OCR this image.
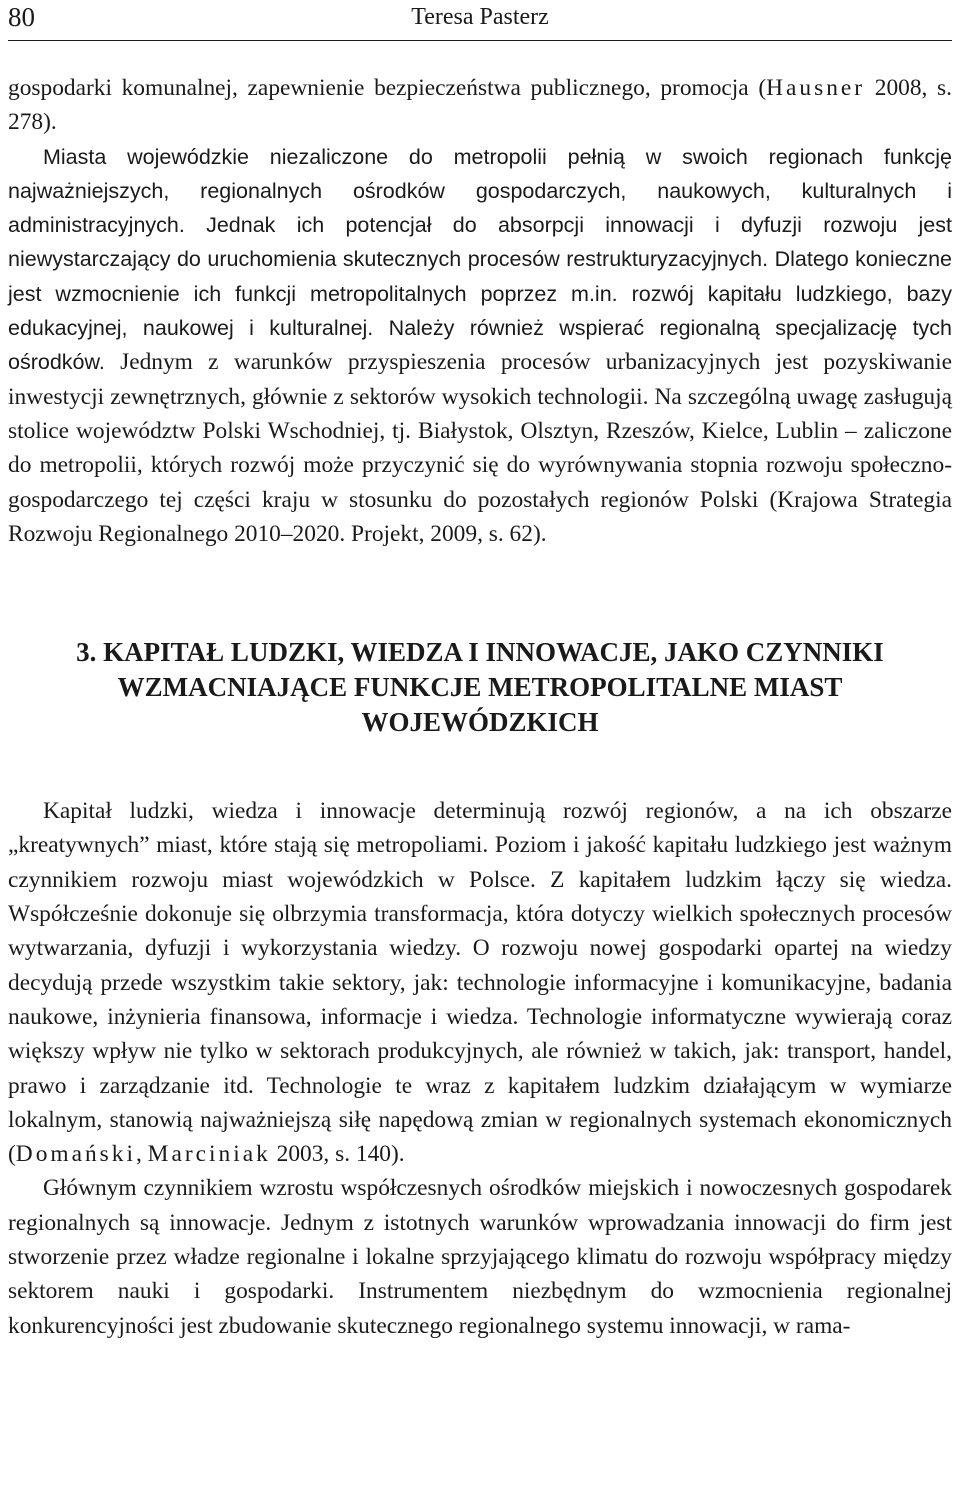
80	Teresa Pasterz

gospodarki komunalnej, zapewnienie bezpieczeństwa publicznego, promocja (Hausner 2008, s. 278).

Miasta wojewódzkie niezaliczone do metropolii pełnią w swoich regionach funkcję najważniejszych, regionalnych ośrodków gospodarczych, naukowych, kulturalnych i administracyjnych. Jednak ich potencjał do absorpcji innowacji i dyfuzji rozwoju jest niewystarczający do uruchomienia skutecznych procesów restrukturyzacyjnych. Dlatego konieczne jest wzmocnienie ich funkcji metropolitalnych poprzez m.in. rozwój kapitału ludzkiego, bazy edukacyjnej, naukowej i kulturalnej. Należy również wspierać regionalną specjalizację tych ośrodków. Jednym z warunków przyspieszenia procesów urbanizacyjnych jest pozyskiwanie inwestycji zewnętrznych, głównie z sektorów wysokich technologii. Na szczególną uwagę zasługują stolice województw Polski Wschodniej, tj. Białystok, Olsztyn, Rzeszów, Kielce, Lublin – zaliczone do metropolii, których rozwój może przyczynić się do wyrównywania stopnia rozwoju społeczno-gospodarczego tej części kraju w stosunku do pozostałych regionów Polski (Krajowa Strategia Rozwoju Regionalnego 2010–2020. Projekt, 2009, s. 62).

3. KAPITAŁ LUDZKI, WIEDZA I INNOWACJE, JAKO CZYNNIKI
WZMACNIAJĄCE FUNKCJE METROPOLITALNE MIAST
WOJEWÓDZKICH

Kapitał ludzki, wiedza i innowacje determinują rozwój regionów, a na ich obszarze „kreatywnych” miast, które stają się metropoliami. Poziom i jakość kapitału ludzkiego jest ważnym czynnikiem rozwoju miast wojewódzkich w Polsce. Z kapitałem ludzkim łączy się wiedza. Współcześnie dokonuje się olbrzymia transformacja, która dotyczy wielkich społecznych procesów wytwarzania, dyfuzji i wykorzystania wiedzy. O rozwoju nowej gospodarki opartej na wiedzy decydują przede wszystkim takie sektory, jak: technologie informacyjne i komunikacyjne, badania naukowe, inżynieria finansowa, informacje i wiedza. Technologie informatyczne wywierają coraz większy wpływ nie tylko w sektorach produkcyjnych, ale również w takich, jak: transport, handel, prawo i zarządzanie itd. Technologie te wraz z kapitałem ludzkim działającym w wymiarze lokalnym, stanowią najważniejszą siłę napędową zmian w regionalnych systemach ekonomicznych (Domański, Marciniak 2003, s. 140).

Głównym czynnikiem wzrostu współczesnych ośrodków miejskich i nowoczesnych gospodarek regionalnych są innowacje. Jednym z istotnych warunków wprowadzania innowacji do firm jest stworzenie przez władze regionalne i lokalne sprzyjającego klimatu do rozwoju współpracy między sektorem nauki i gospodarki. Instrumentem niezbędnym do wzmocnienia regionalnej konkurencyjności jest zbudowanie skutecznego regionalnego systemu innowacji, w rama-
